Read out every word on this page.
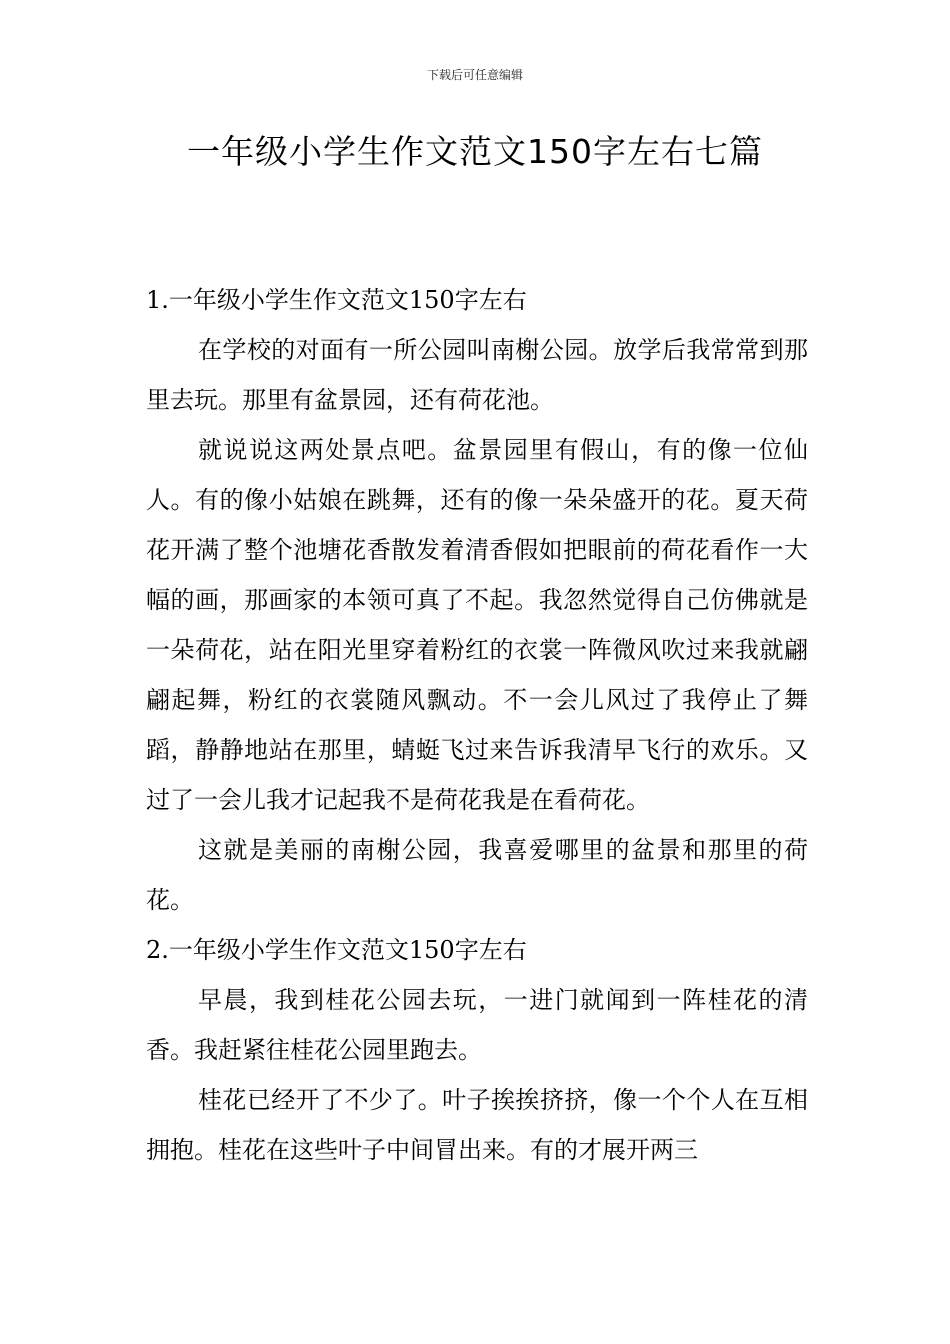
下载后可任意编辑
一年级小学生作文范文150字左右七篇

1.一年级小学生作文范文150字左右

在学校的对面有一所公园叫南榭公园。放学后我常常到那里去玩。那里有盆景园，还有荷花池。

就说说这两处景点吧。盆景园里有假山，有的像一位仙人。有的像小姑娘在跳舞，还有的像一朵朵盛开的花。夏天荷花开满了整个池塘花香散发着清香假如把眼前的荷花看作一大幅的画，那画家的本领可真了不起。我忽然觉得自己仿佛就是一朵荷花，站在阳光里穿着粉红的衣裳一阵微风吹过来我就翩翩起舞，粉红的衣裳随风飘动。不一会儿风过了我停止了舞蹈，静静地站在那里，蜻蜓飞过来告诉我清早飞行的欢乐。又过了一会儿我才记起我不是荷花我是在看荷花。

这就是美丽的南榭公园，我喜爱哪里的盆景和那里的荷花。

2.一年级小学生作文范文150字左右

早晨，我到桂花公园去玩，一进门就闻到一阵桂花的清香。我赶紧往桂花公园里跑去。

桂花已经开了不少了。叶子挨挨挤挤，像一个个人在互相拥抱。桂花在这些叶子中间冒出来。有的才展开两三
